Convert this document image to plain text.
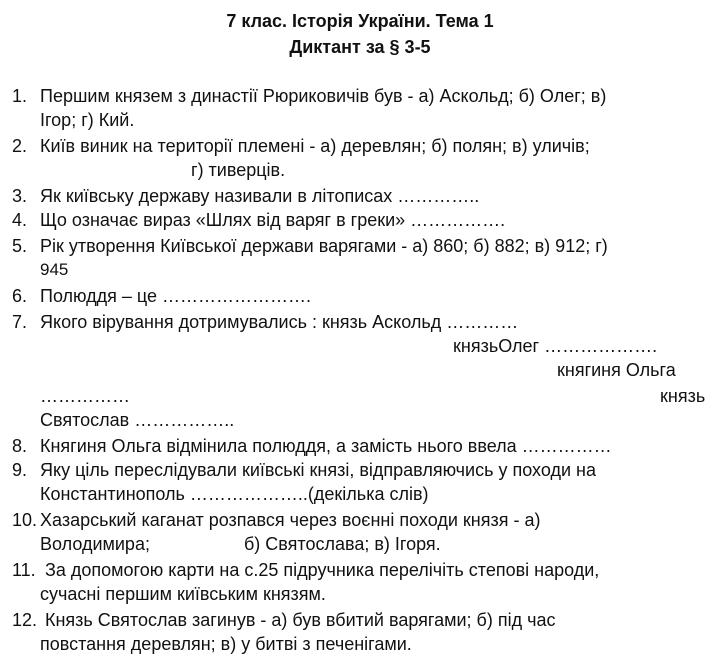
7 клас. Історія України. Тема 1
Диктант за § 3-5
1. Першим князем з династії Рюриковичів був - а) Аскольд; б) Олег; в)
Ігор; г) Кий.
2. Київ виник на території племені - а) деревлян; б) полян; в) уличів;
г) тиверців.
3. Як київську державу називали в літописах …………..
4. Що означає вираз «Шлях від варяг в греки» …………….
5. Рік утворення Київської держави варягами - а) 860; б) 882; в) 912; г)
945
6. Полюддя – це …………………….
7. Якого вірування дотримувались : князь Аскольд …………
князьОлег ……………….
княгиня Ольга
……………	князь
Святослав ……………..
8. Княгиня Ольга відмінила полюддя, а замість нього ввела ……………
9. Яку ціль переслідували київські князі, відправляючись у походи на
Константинополь ………………..(декілька слів)
10. Хазарський каганат розпався через воєнні походи князя - а)
Володимира;	б) Святослава; в) Ігоря.
11. За допомогою карти на с.25 підручника перелічіть степові народи,
сучасні першим київським князям.
12. Князь Святослав загинув - а) був вбитий варягами; б) під час
повстання деревлян; в) у битві з печенігами.
